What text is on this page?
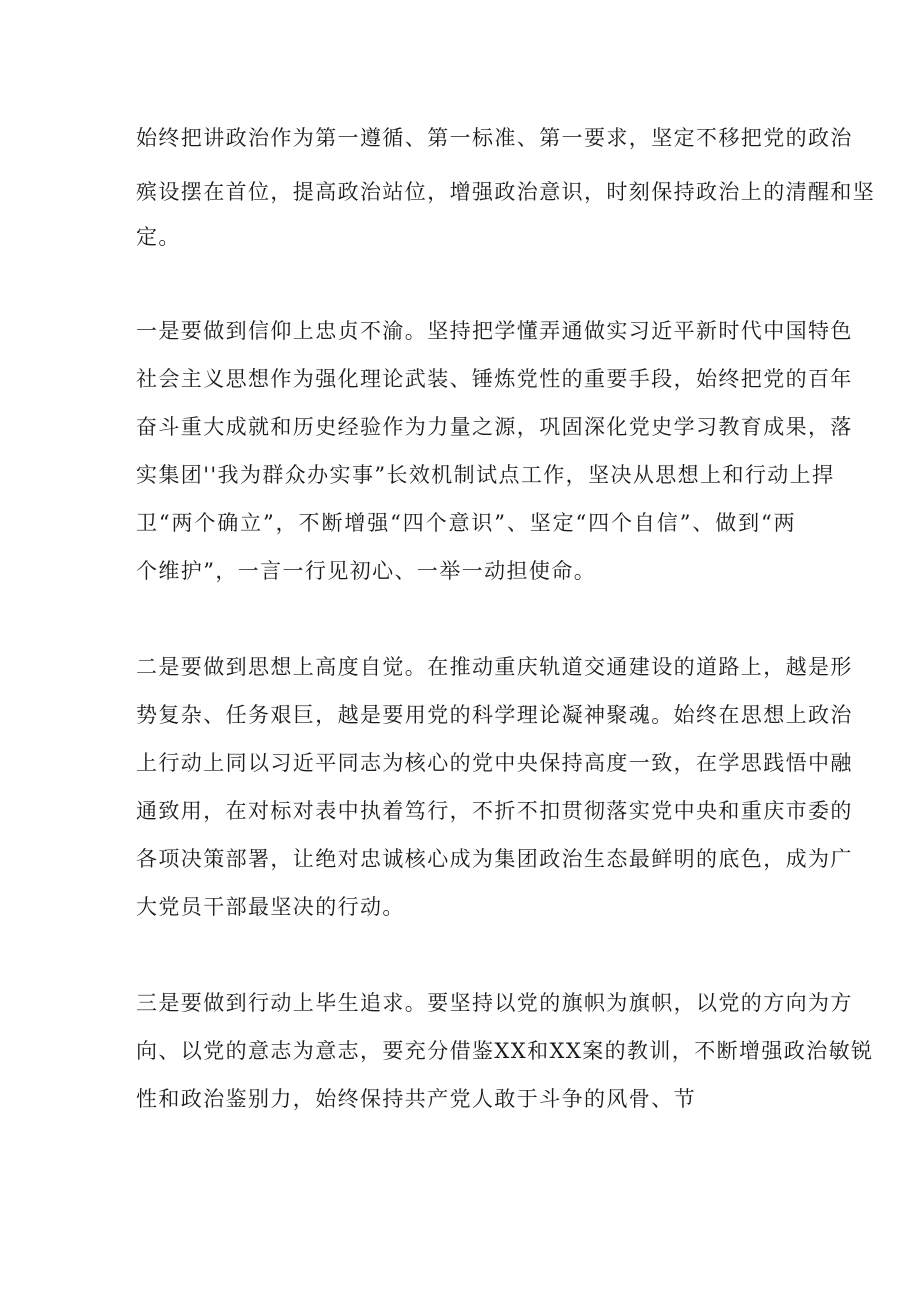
始终把讲政治作为第一遵循、第一标准、第一要求，坚定不移把党的政治
殡设摆在首位，提高政治站位，增强政治意识，时刻保持政治上的清醒和坚
定。
一是要做到信仰上忠贞不渝。坚持把学懂弄通做实习近平新时代中国特色
社会主义思想作为强化理论武装、锤炼党性的重要手段，始终把党的百年
奋斗重大成就和历史经验作为力量之源，巩固深化党史学习教育成果，落
实集团''我为群众办实事”长效机制试点工作，坚决从思想上和行动上捍
卫“两个确立”，不断增强“四个意识”、坚定“四个自信”、做到“两
个维护”，一言一行见初心、一举一动担使命。
二是要做到思想上高度自觉。在推动重庆轨道交通建设的道路上，越是形
势复杂、任务艰巨，越是要用党的科学理论凝神聚魂。始终在思想上政治
上行动上同以习近平同志为核心的党中央保持高度一致，在学思践悟中融
通致用，在对标对表中执着笃行，不折不扣贯彻落实党中央和重庆市委的
各项决策部署，让绝对忠诚核心成为集团政治生态最鲜明的底色，成为广
大党员干部最坚决的行动。
三是要做到行动上毕生追求。要坚持以党的旗帜为旗帜，以党的方向为方
向、以党的意志为意志，要充分借鉴XX和XX案的教训，不断增强政治敏锐
性和政治鉴别力，始终保持共产党人敢于斗争的风骨、节
